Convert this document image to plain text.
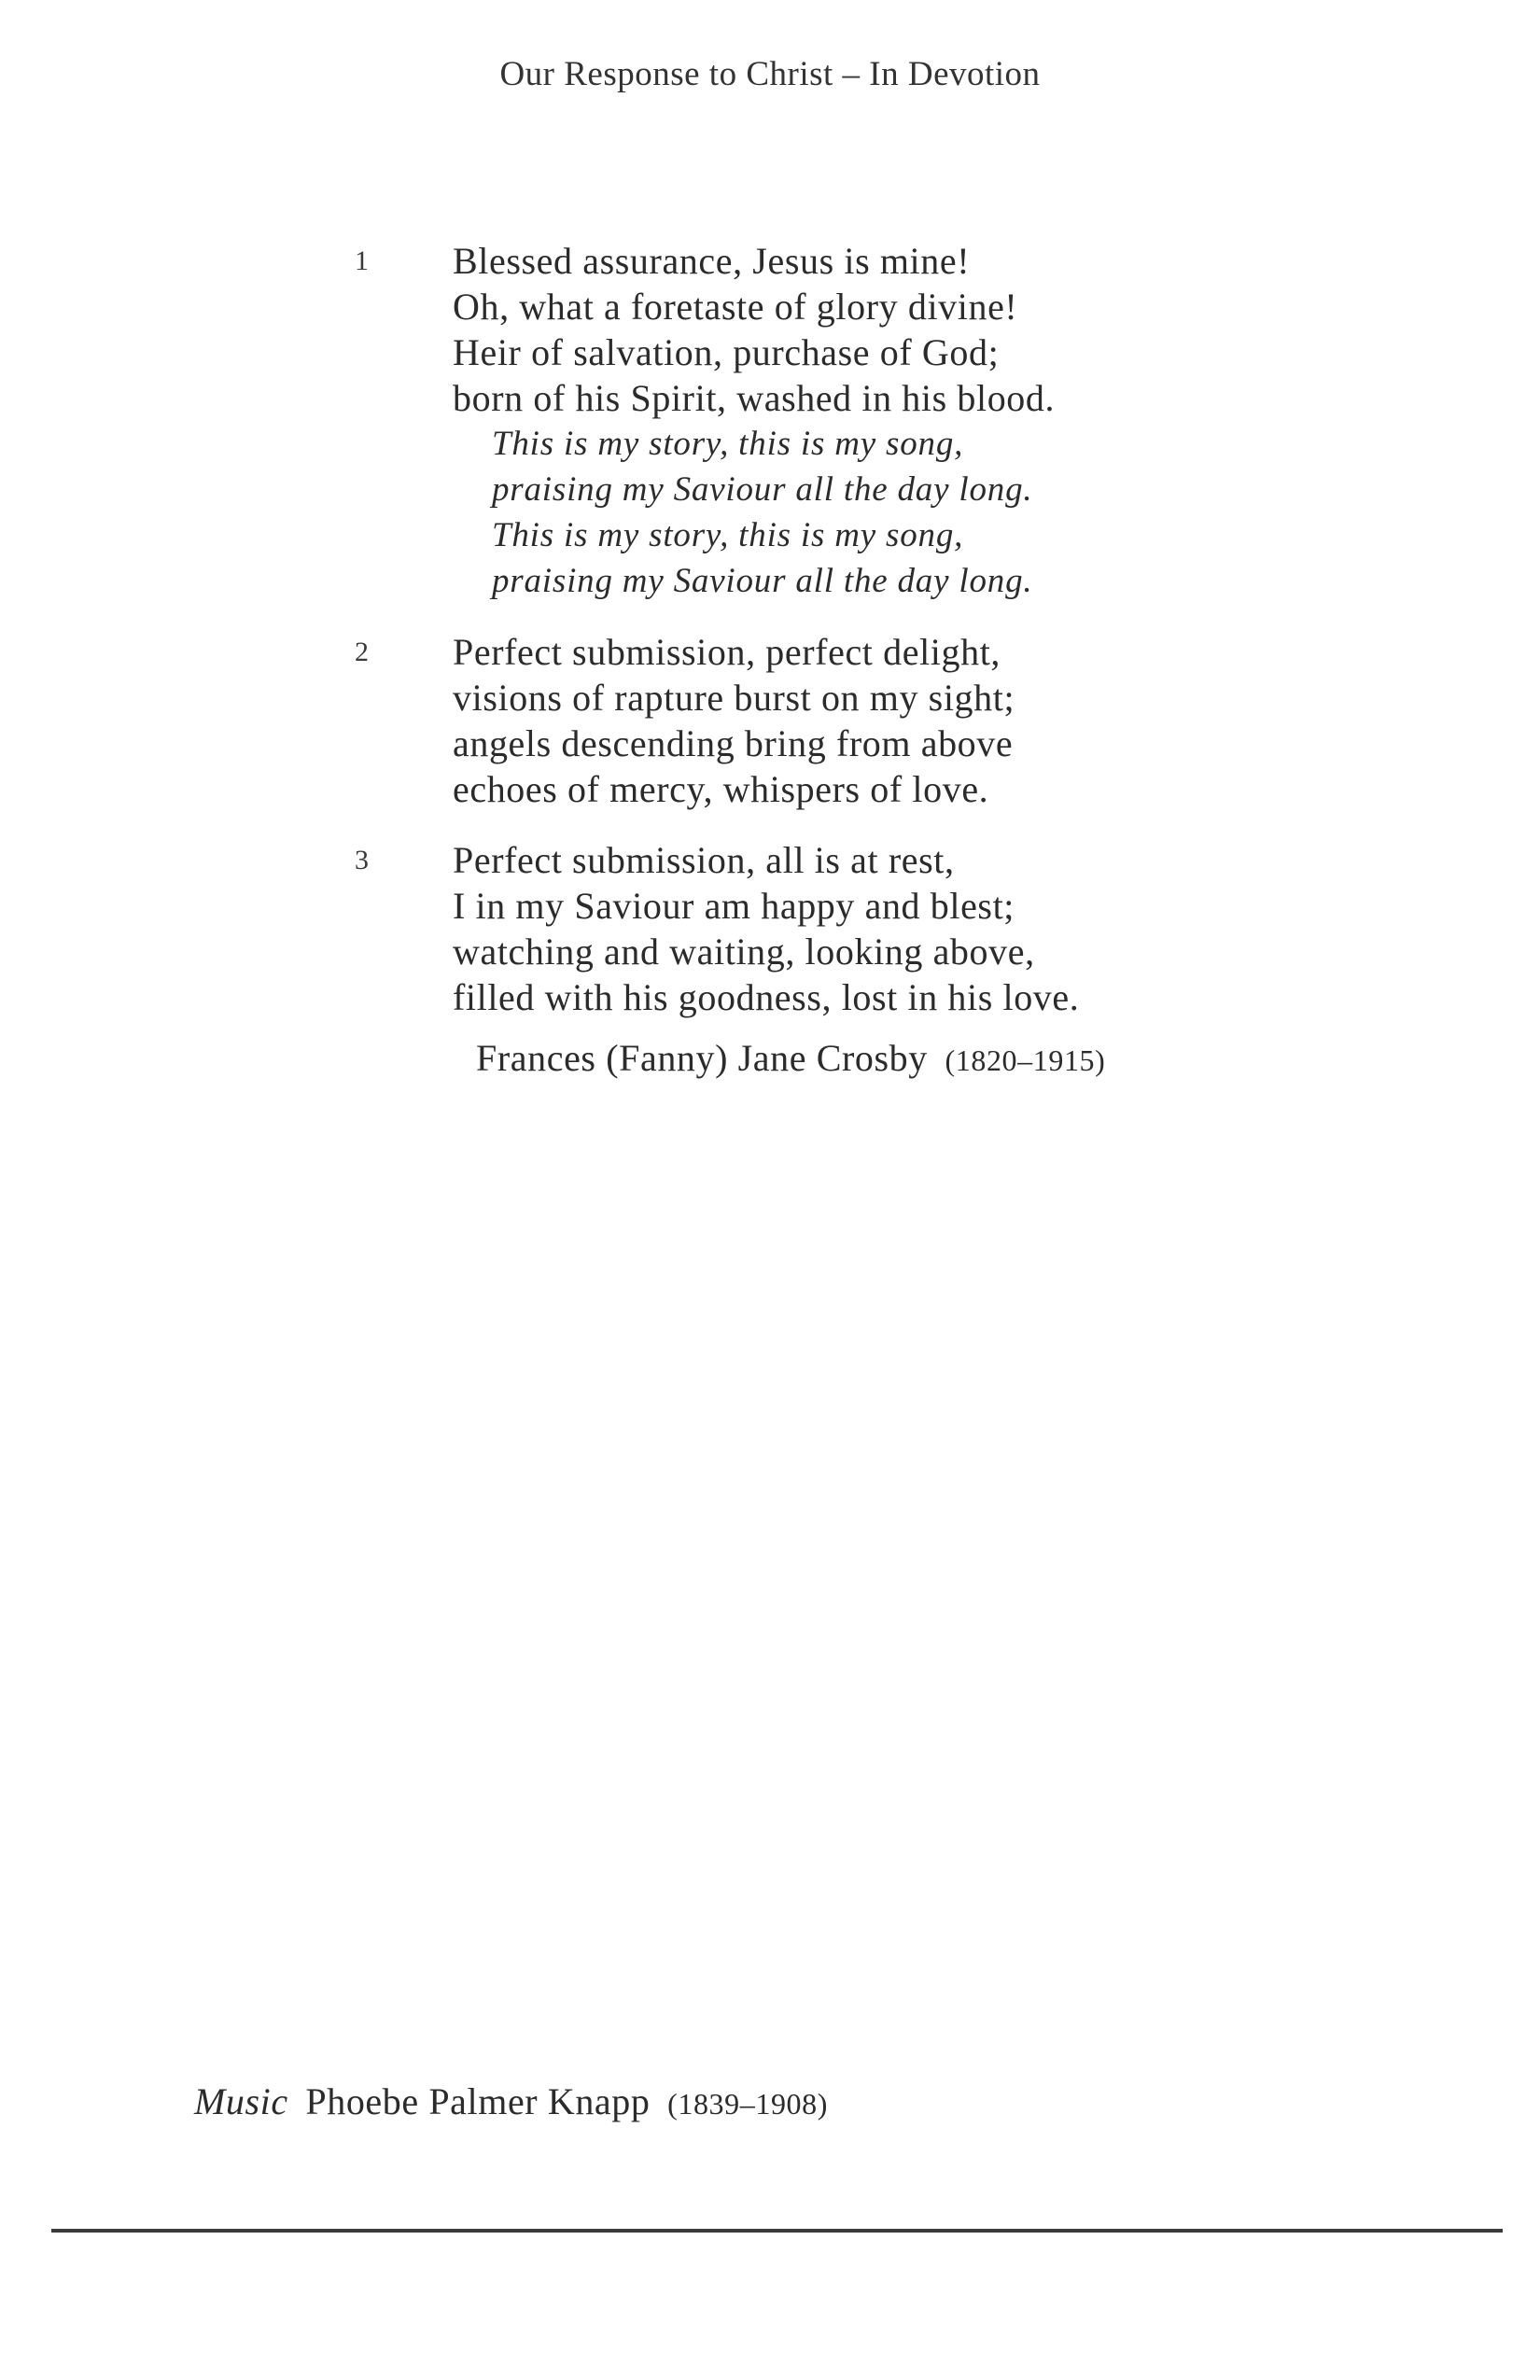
Our Response to Christ – In Devotion
1 Blessed assurance, Jesus is mine!
Oh, what a foretaste of glory divine!
Heir of salvation, purchase of God;
born of his Spirit, washed in his blood.
This is my story, this is my song,
praising my Saviour all the day long.
This is my story, this is my song,
praising my Saviour all the day long.
2 Perfect submission, perfect delight,
visions of rapture burst on my sight;
angels descending bring from above
echoes of mercy, whispers of love.
3 Perfect submission, all is at rest,
I in my Saviour am happy and blest;
watching and waiting, looking above,
filled with his goodness, lost in his love.
Frances (Fanny) Jane Crosby (1820–1915)
Music Phoebe Palmer Knapp (1839–1908)
